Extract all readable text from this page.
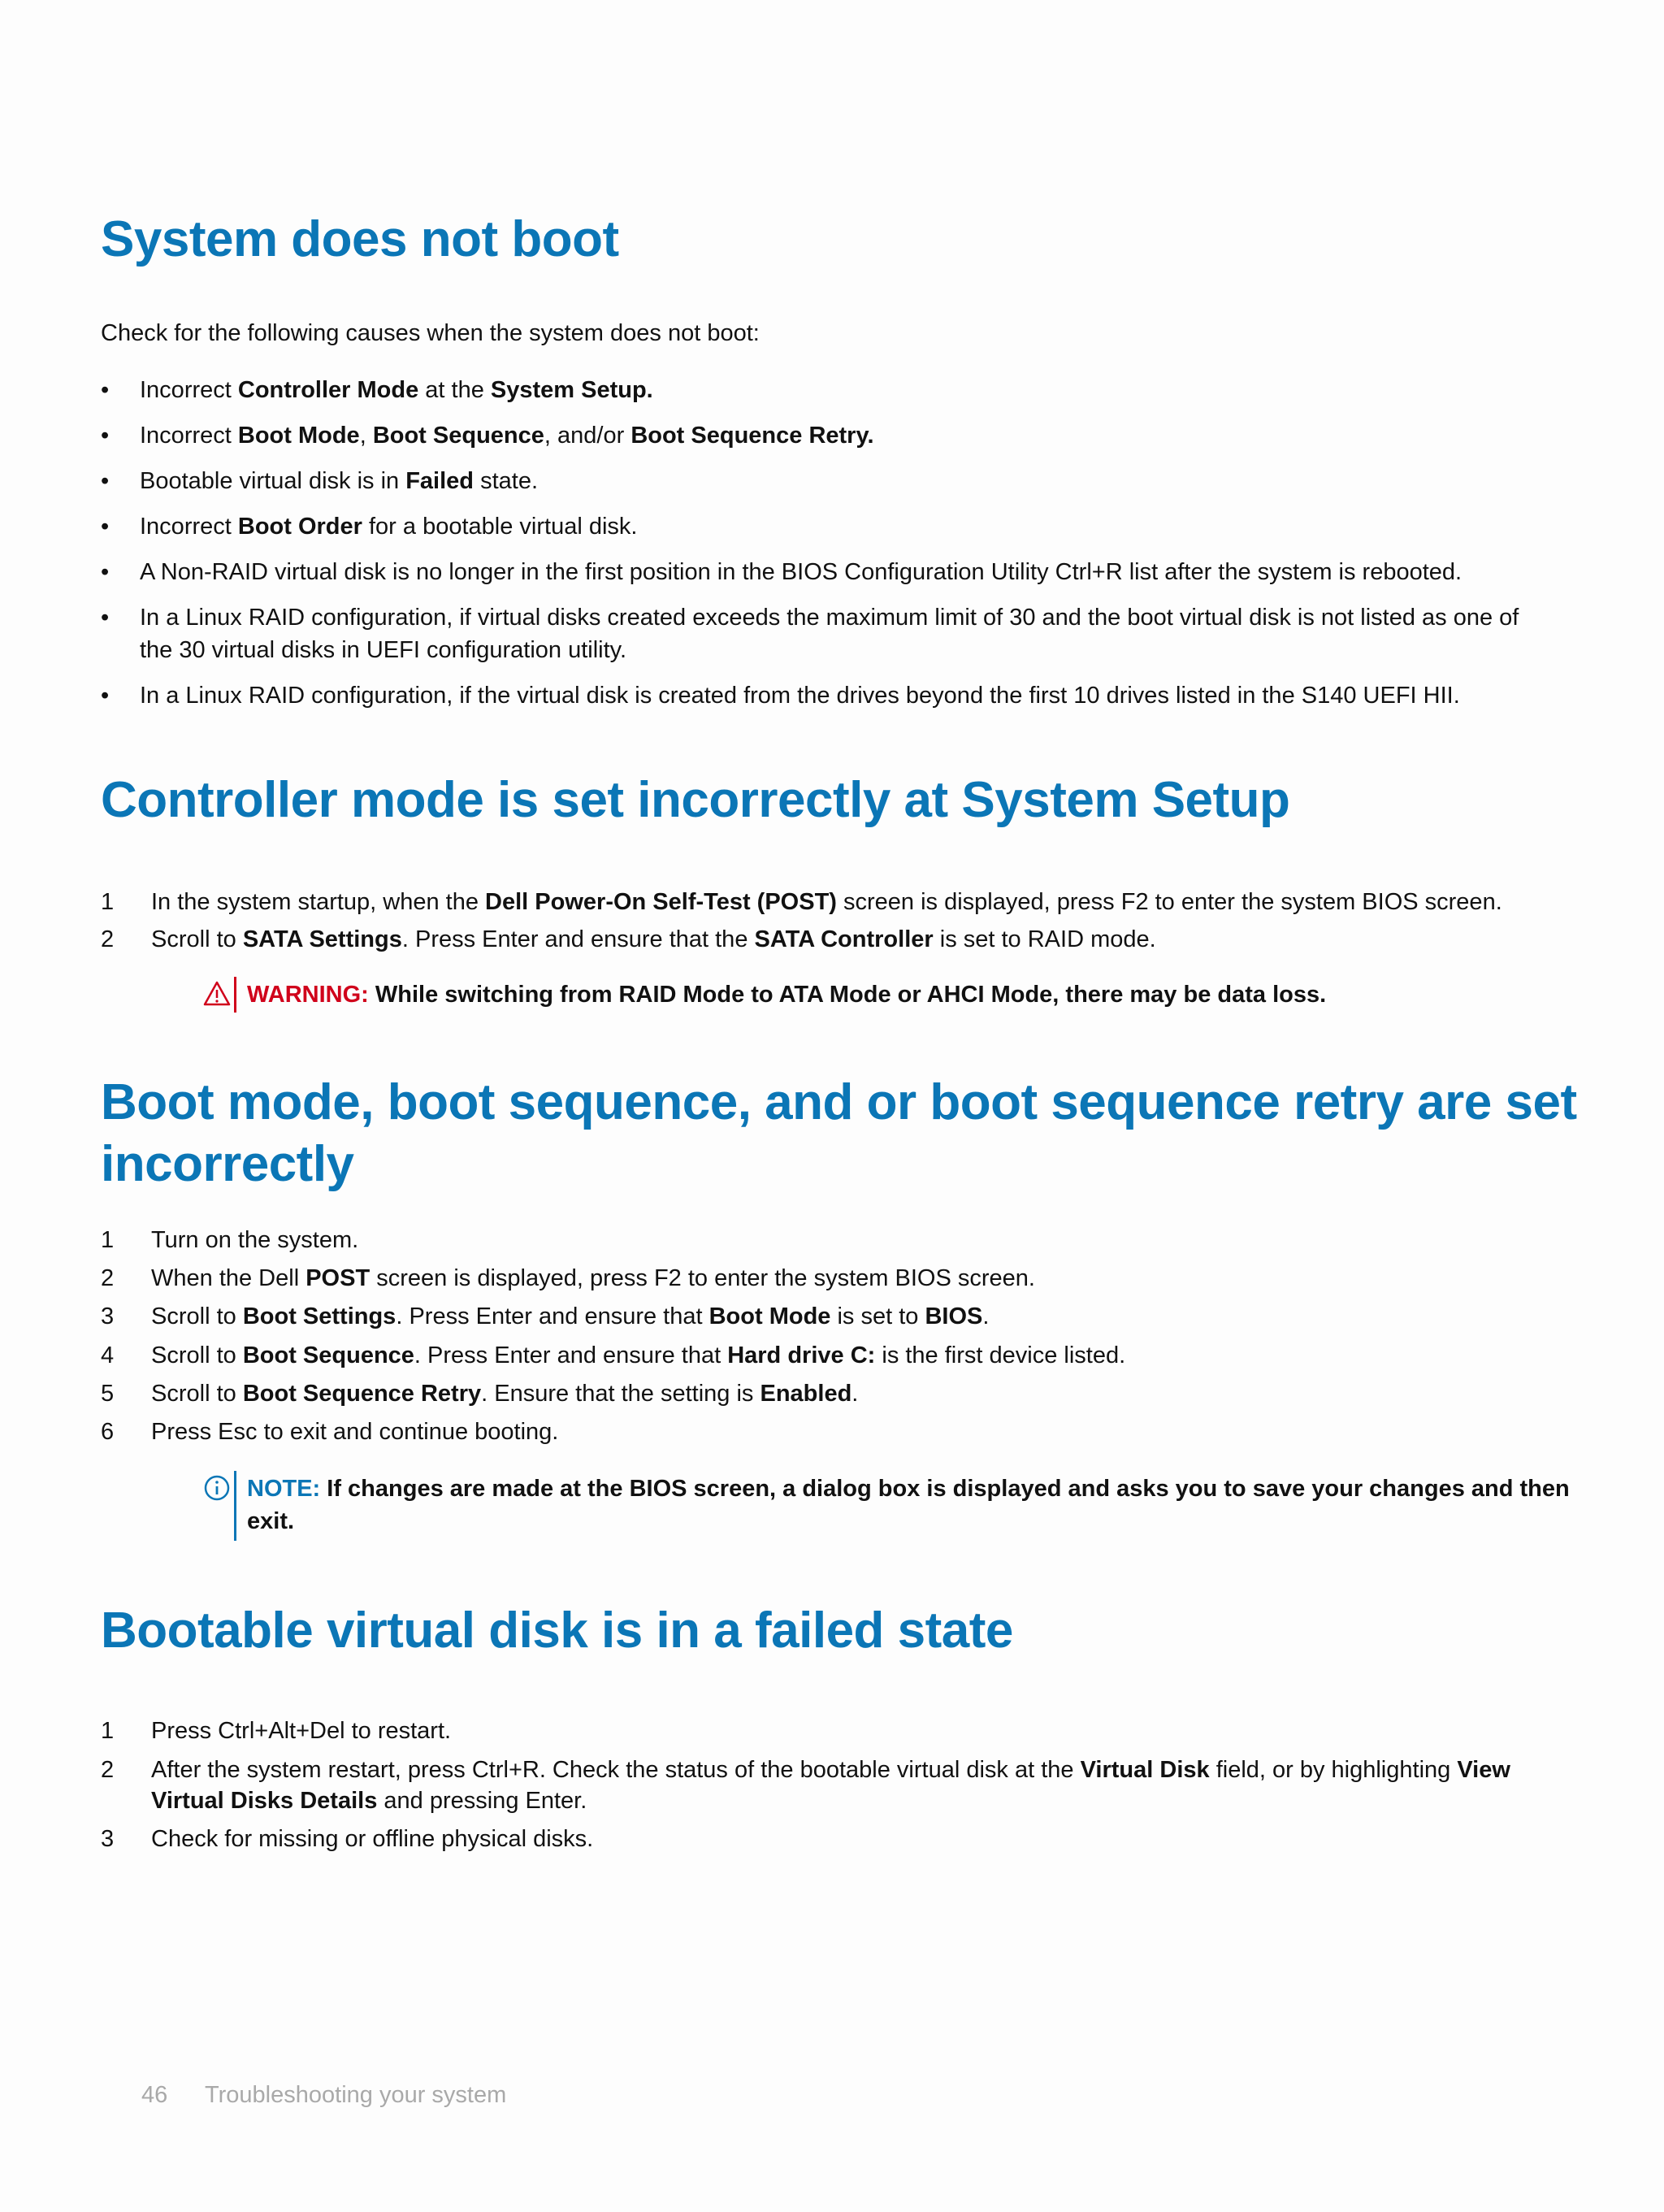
System does not boot

Check for the following causes when the system does not boot:

•	Incorrect Controller Mode at the System Setup.
•	Incorrect Boot Mode, Boot Sequence, and/or Boot Sequence Retry.
•	Bootable virtual disk is in Failed state.
•	Incorrect Boot Order for a bootable virtual disk.
•	A Non-RAID virtual disk is no longer in the first position in the BIOS Configuration Utility Ctrl+R list after the system is rebooted.
•	In a Linux RAID configuration, if virtual disks created exceeds the maximum limit of 30 and the boot virtual disk is not listed as one of
the 30 virtual disks in UEFI configuration utility.
•	In a Linux RAID configuration, if the virtual disk is created from the drives beyond the first 10 drives listed in the S140 UEFI HII.
Controller mode is set incorrectly at System Setup
1	In the system startup, when the Dell Power-On Self-Test (POST) screen is displayed, press F2 to enter the system BIOS screen.
2	Scroll to SATA Settings. Press Enter and ensure that the SATA Controller is set to RAID mode.
WARNING: While switching from RAID Mode to ATA Mode or AHCI Mode, there may be data loss.
Boot mode, boot sequence, and or boot sequence retry are set
incorrectly
1	Turn on the system.
2	When the Dell POST screen is displayed, press F2 to enter the system BIOS screen.
3	Scroll to Boot Settings. Press Enter and ensure that Boot Mode is set to BIOS.
4	Scroll to Boot Sequence. Press Enter and ensure that Hard drive C: is the first device listed.
5	Scroll to Boot Sequence Retry. Ensure that the setting is Enabled.
6	Press Esc to exit and continue booting.
NOTE: If changes are made at the BIOS screen, a dialog box is displayed and asks you to save your changes and then
exit.
Bootable virtual disk is in a failed state
1	Press Ctrl+Alt+Del to restart.
2	After the system restart, press Ctrl+R. Check the status of the bootable virtual disk at the Virtual Disk field, or by highlighting View
Virtual Disks Details and pressing Enter.
3	Check for missing or offline physical disks.
46 Troubleshooting your system
